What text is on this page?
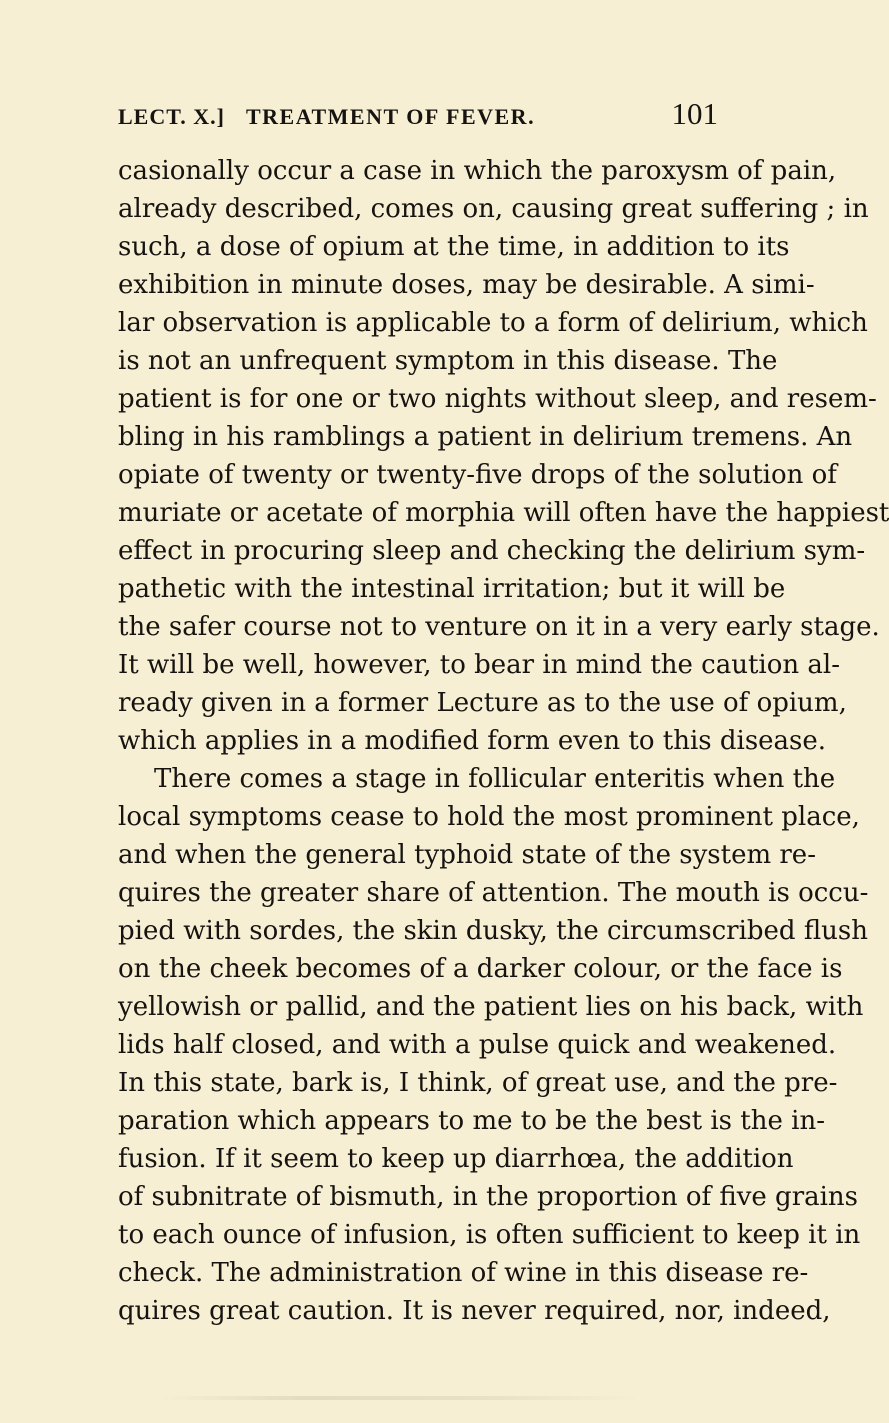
LECT. X.] TREATMENT OF FEVER.	101
casionally occur a case in which the paroxysm of pain,
already described, comes on, causing great suffering ; in
such, a dose of opium at the time, in addition to its
exhibition in minute doses, may be desirable. A simi-
lar observation is applicable to a form of delirium, which
is not an unfrequent symptom in this disease. The
patient is for one or two nights without sleep, and resem-
bling in his ramblings a patient in delirium tremens. An
opiate of twenty or twenty-five drops of the solution of
muriate or acetate of morphia will often have the happiest
effect in procuring sleep and checking the delirium sym-
pathetic with the intestinal irritation; but it will be
the safer course not to venture on it in a very early stage.
It will be well, however, to bear in mind the caution al-
ready given in a former Lecture as to the use of opium,
which applies in a modified form even to this disease.
There comes a stage in follicular enteritis when the
local symptoms cease to hold the most prominent place,
and when the general typhoid state of the system re-
quires the greater share of attention. The mouth is occu-
pied with sordes, the skin dusky, the circumscribed flush
on the cheek becomes of a darker colour, or the face is
yellowish or pallid, and the patient lies on his back, with
lids half closed, and with a pulse quick and weakened.
In this state, bark is, I think, of great use, and the pre-
paration which appears to me to be the best is the in-
fusion. If it seem to keep up diarrhœa, the addition
of subnitrate of bismuth, in the proportion of five grains
to each ounce of infusion, is often sufficient to keep it in
check. The administration of wine in this disease re-
quires great caution. It is never required, nor, indeed,
